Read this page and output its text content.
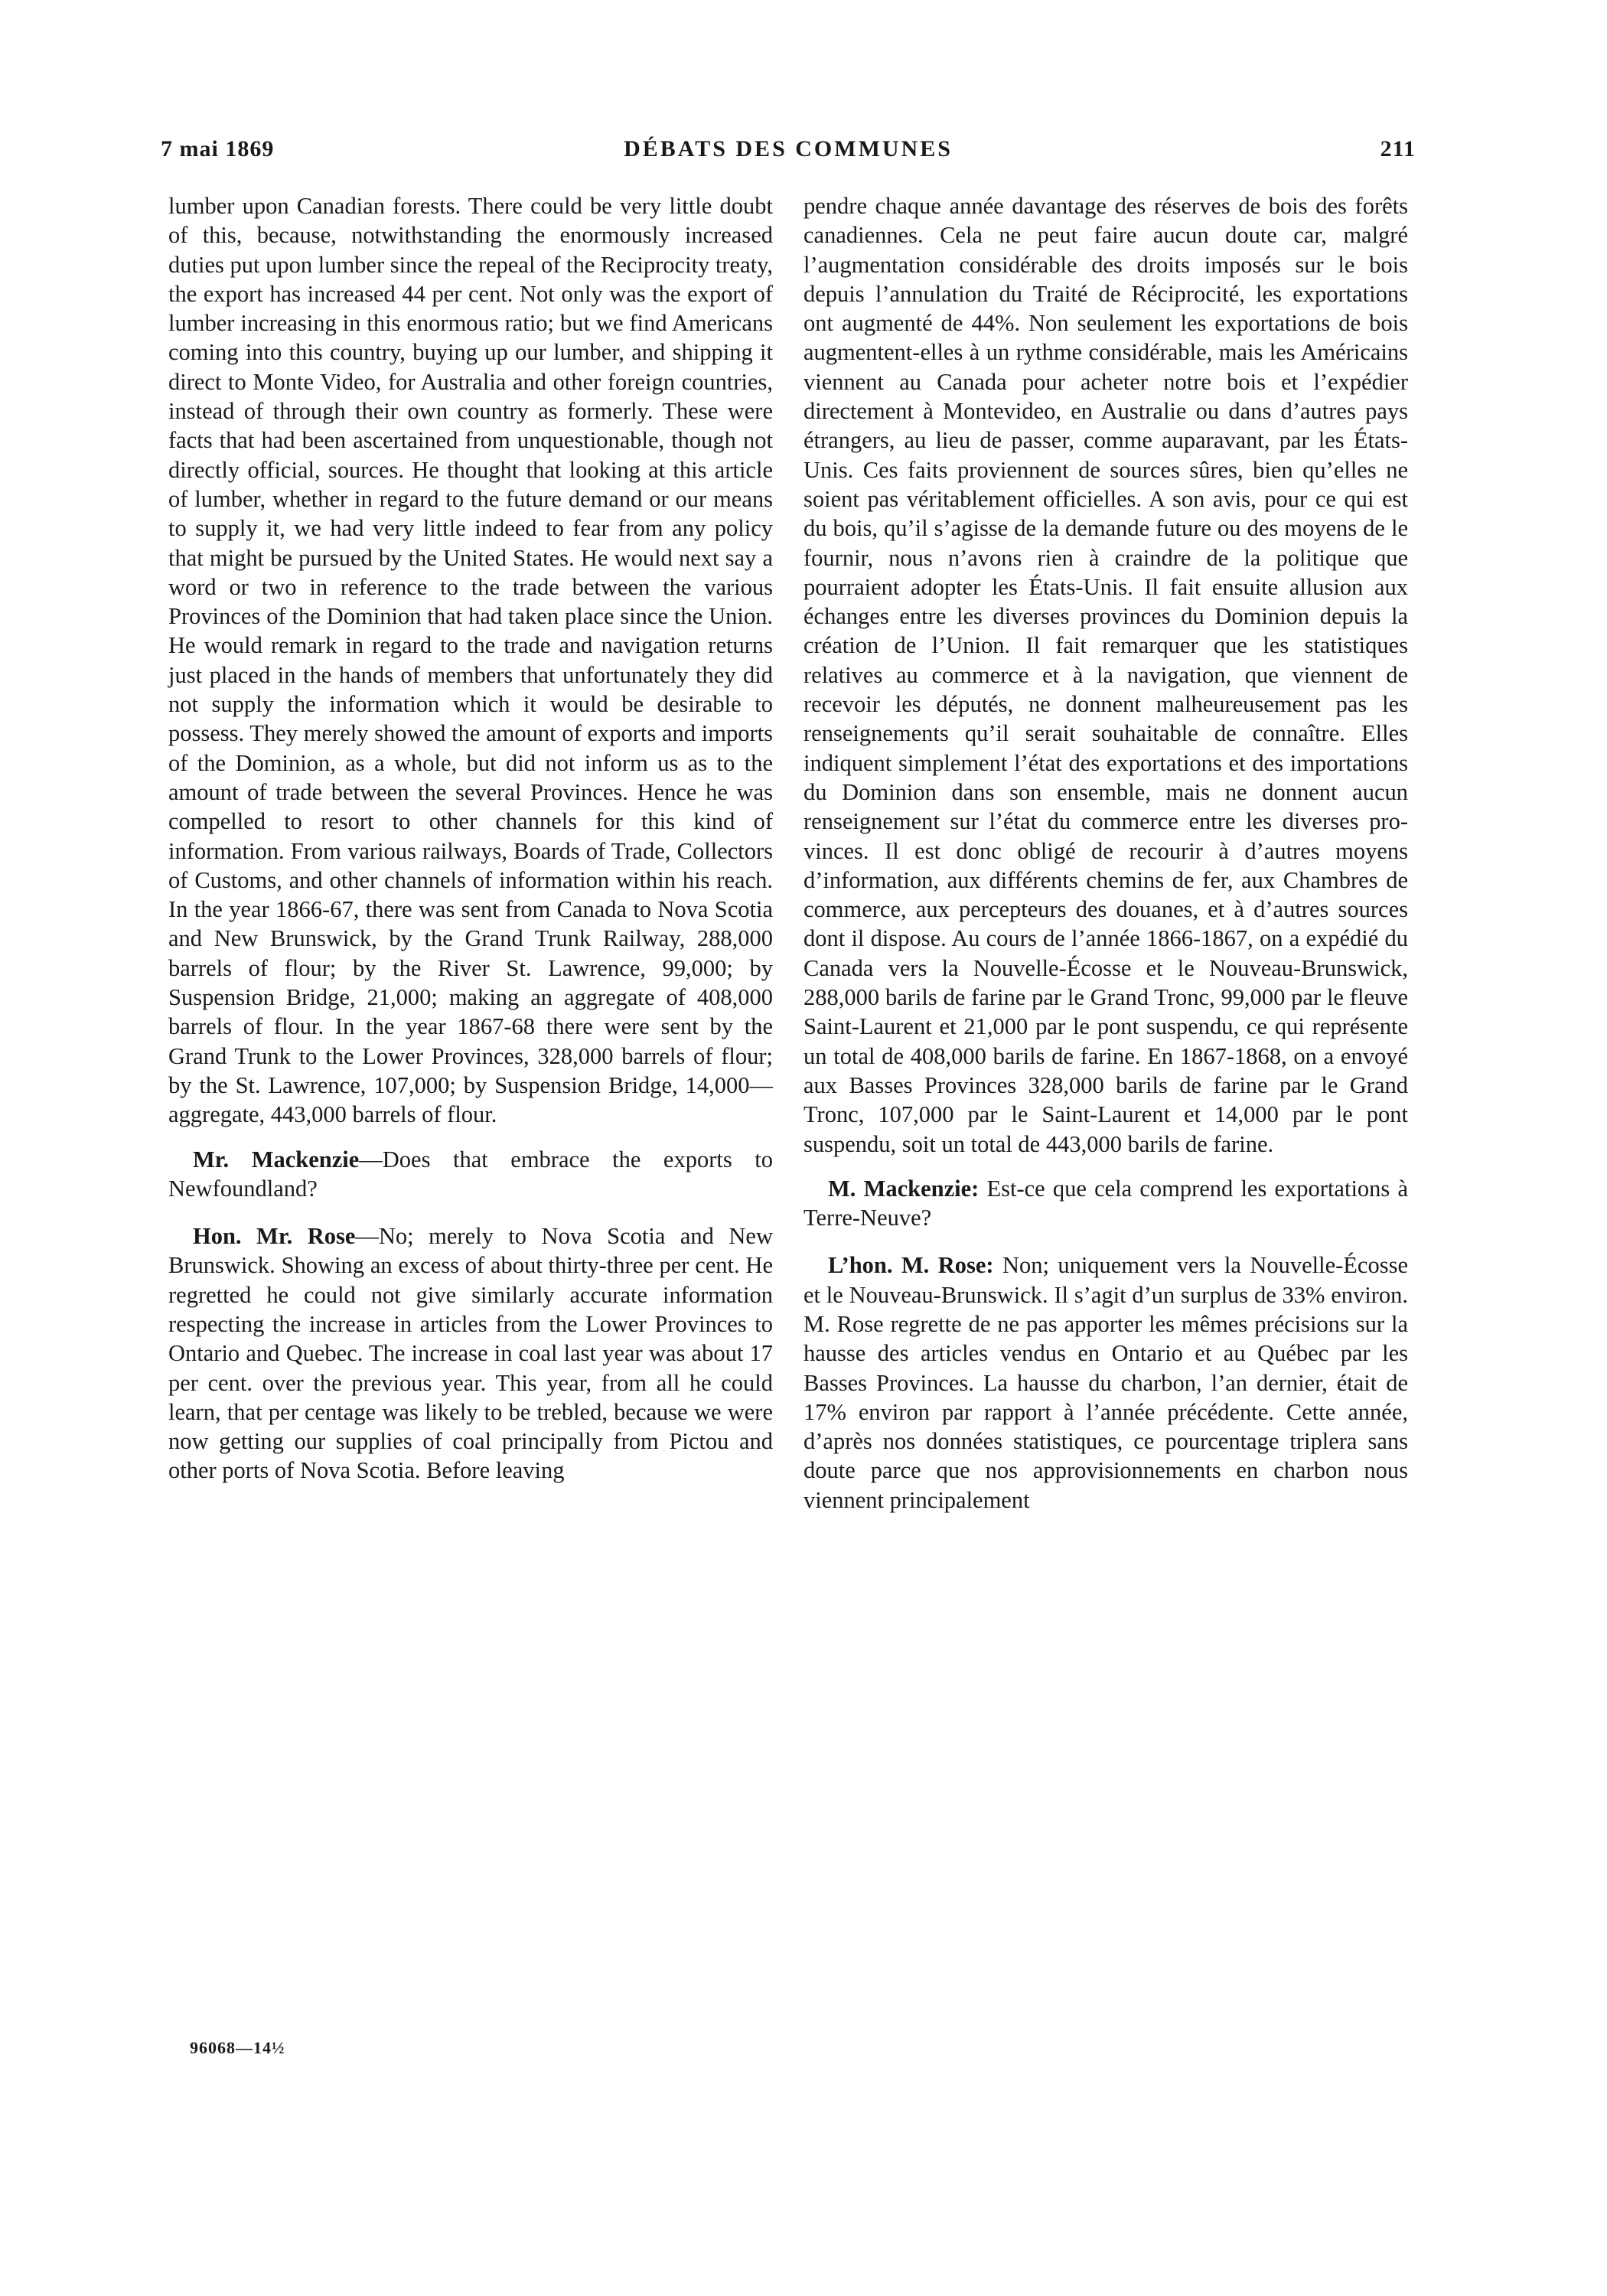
7 mai 1869	DÉBATS DES COMMUNES	211

lumber upon Canadian forests. There could be very little doubt of this, because, notwithstanding the enormously increased duties put upon lumber since the repeal of the Reciprocity treaty, the export has increased 44 per cent. Not only was the export of lumber increasing in this enormous ratio; but we find Americans coming into this country, buying up our lumber, and shipping it direct to Monte Video, for Australia and other foreign countries, instead of through their own country as formerly. These were facts that had been ascertained from unquestionable, though not directly official, sources. He thought that looking at this article of lumber, whether in regard to the future demand or our means to supply it, we had very little indeed to fear from any policy that might be pursued by the United States. He would next say a word or two in reference to the trade between the various Provinces of the Dominion that had taken place since the Union. He would remark in regard to the trade and navigation returns just placed in the hands of members that unfortunately they did not supply the information which it would be desirable to possess. They merely showed the amount of exports and imports of the Dominion, as a whole, but did not inform us as to the amount of trade between the several Provinces. Hence he was compelled to resort to other channels for this kind of information. From various railways, Boards of Trade, Collectors of Customs, and other channels of information within his reach. In the year 1866-67, there was sent from Canada to Nova Scotia and New Brunswick, by the Grand Trunk Railway, 288,000 barrels of flour; by the River St. Lawrence, 99,000; by Suspension Bridge, 21,000; making an aggregate of 408,000 barrels of flour. In the year 1867-68 there were sent by the Grand Trunk to the Lower Provinces, 328,000 barrels of flour; by the St. Lawrence, 107,000; by Suspension Bridge, 14,000—aggregate, 443,000 barrels of flour.

Mr. Mackenzie—Does that embrace the exports to Newfoundland?

Hon. Mr. Rose—No; merely to Nova Scotia and New Brunswick. Showing an excess of about thirty-three per cent. He regretted he could not give similarly accurate information respecting the increase in articles from the Lower Provinces to Ontario and Quebec. The increase in coal last year was about 17 per cent. over the previous year. This year, from all he could learn, that per centage was likely to be trebled, because we were now getting our supplies of coal principally from Pictou and other ports of Nova Scotia. Before leaving

pendre chaque année davantage des réserves de bois des forêts canadiennes. Cela ne peut faire aucun doute car, malgré l’augmentation considérable des droits imposés sur le bois depuis l’annulation du Traité de Réciprocité, les exportations ont augmenté de 44%. Non seulement les exportations de bois augmentent-elles à un rythme considérable, mais les Américains viennent au Canada pour acheter notre bois et l’expédier directement à Montevideo, en Australie ou dans d’autres pays étrangers, au lieu de passer, comme auparavant, par les États-Unis. Ces faits proviennent de sources sûres, bien qu’elles ne soient pas véritablement officielles. A son avis, pour ce qui est du bois, qu’il s’agisse de la demande future ou des moyens de le fournir, nous n’avons rien à craindre de la politique que pourraient adopter les États-Unis. Il fait ensuite allusion aux échanges entre les diverses provinces du Dominion depuis la création de l’Union. Il fait remarquer que les statistiques relatives au commerce et à la navigation, que viennent de recevoir les députés, ne donnent malheureusement pas les renseignements qu’il serait souhaitable de connaître. Elles indiquent simplement l’état des exportations et des importations du Dominion dans son ensemble, mais ne donnent aucun renseignement sur l’état du commerce entre les diverses provinces. Il est donc obligé de recourir à d’autres moyens d’information, aux différents chemins de fer, aux Chambres de commerce, aux percepteurs des douanes, et à d’autres sources dont il dispose. Au cours de l’année 1866-1867, on a expédié du Canada vers la Nouvelle-Écosse et le Nouveau-Brunswick, 288,000 barils de farine par le Grand Tronc, 99,000 par le fleuve Saint-Laurent et 21,000 par le pont suspendu, ce qui représente un total de 408,000 barils de farine. En 1867-1868, on a envoyé aux Basses Provinces 328,000 barils de farine par le Grand Tronc, 107,000 par le Saint-Laurent et 14,000 par le pont suspendu, soit un total de 443,000 barils de farine.

M. Mackenzie: Est-ce que cela comprend les exportations à Terre-Neuve?

L’hon. M. Rose: Non; uniquement vers la Nouvelle-Écosse et le Nouveau-Brunswick. Il s’agit d’un surplus de 33% environ. M. Rose regrette de ne pas apporter les mêmes précisions sur la hausse des articles vendus en Ontario et au Québec par les Basses Provinces. La hausse du charbon, l’an dernier, était de 17% environ par rapport à l’année précédente. Cette année, d’après nos données statistiques, ce pourcentage triplera sans doute parce que nos approvisionnements en charbon nous viennent principalement

96068—14½
